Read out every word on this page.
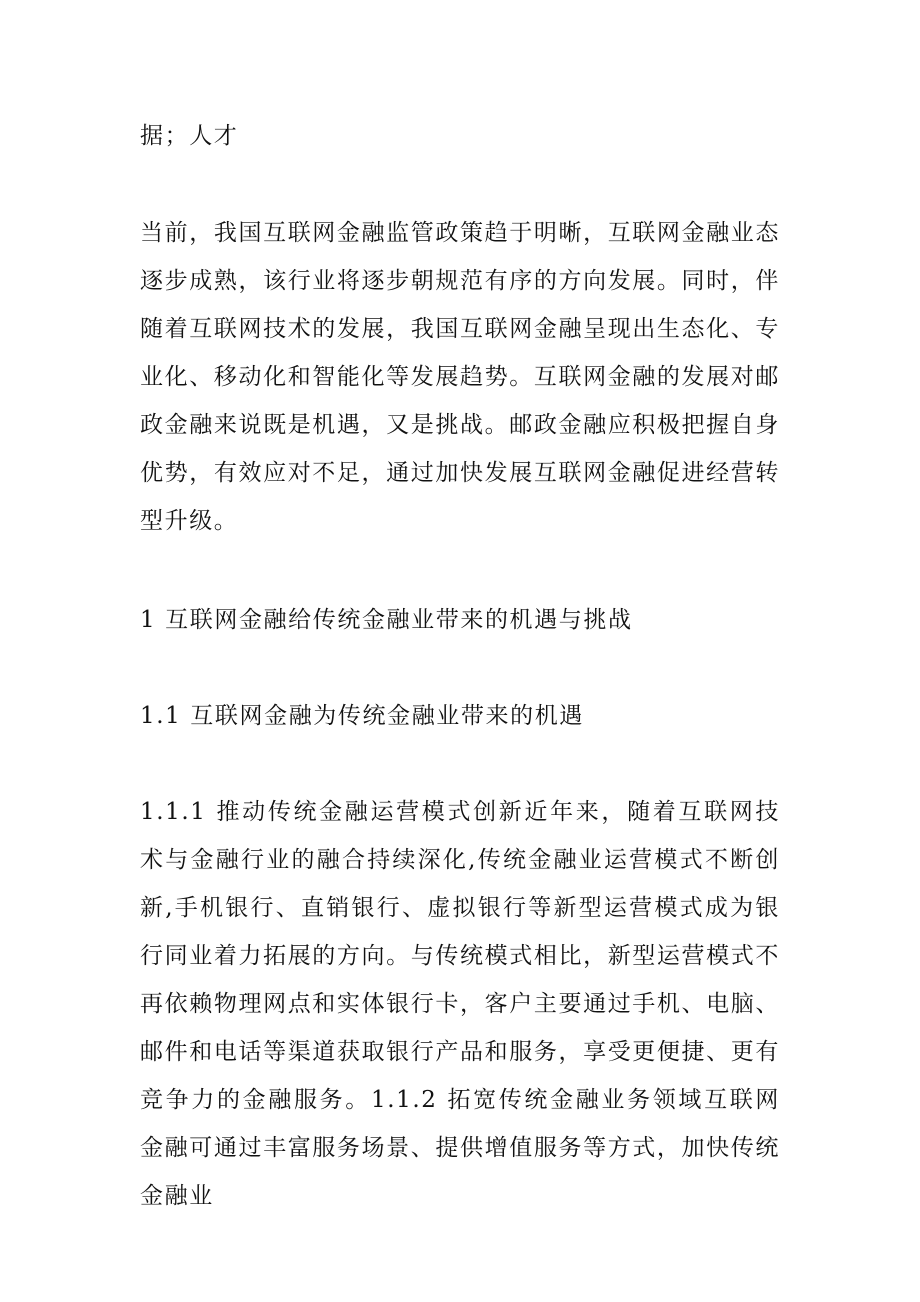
据；人才

当前，我国互联网金融监管政策趋于明晰，互联网金融业态逐步成熟，该行业将逐步朝规范有序的方向发展。同时，伴随着互联网技术的发展，我国互联网金融呈现出生态化、专业化、移动化和智能化等发展趋势。互联网金融的发展对邮政金融来说既是机遇，又是挑战。邮政金融应积极把握自身优势，有效应对不足，通过加快发展互联网金融促进经营转型升级。

1 互联网金融给传统金融业带来的机遇与挑战

1.1 互联网金融为传统金融业带来的机遇

1.1.1 推动传统金融运营模式创新近年来，随着互联网技术与金融行业的融合持续深化,传统金融业运营模式不断创新,手机银行、直销银行、虚拟银行等新型运营模式成为银行同业着力拓展的方向。与传统模式相比，新型运营模式不再依赖物理网点和实体银行卡，客户主要通过手机、电脑、邮件和电话等渠道获取银行产品和服务，享受更便捷、更有竞争力的金融服务。1.1.2 拓宽传统金融业务领域互联网金融可通过丰富服务场景、提供增值服务等方式，加快传统金融业
